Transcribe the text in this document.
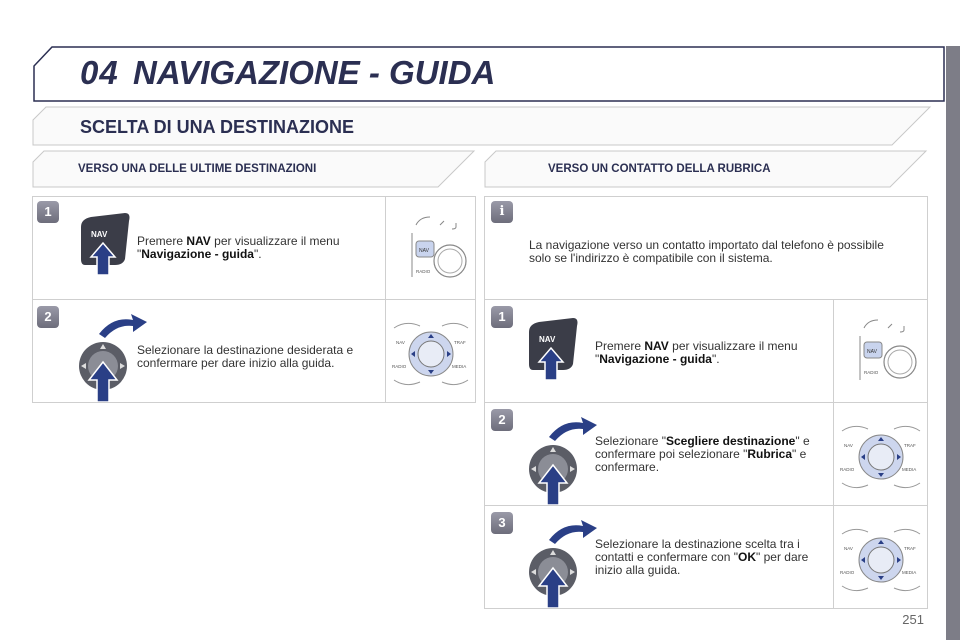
04 NAVIGAZIONE - GUIDA
SCELTA DI UNA DESTINAZIONE
VERSO UNA DELLE ULTIME DESTINAZIONI	VERSO UN CONTATTO DELLA RUBRICA
1
NAV Premere NAV per visualizzare il menu
"Navigazione - guida".	NAV
RADIO
2
Selezionare la destinazione desiderata e
confermare per dare inizio alla guida.
NAV	TRAF
RADIO	MEDIA
i
La navigazione verso un contatto importato dal telefono è possibile
solo se l'indirizzo è compatibile con il sistema.
1
NAV	Premere NAV per visualizzare il menu
"Navigazione - guida".	NAV
RADIO
2
Selezionare "Scegliere destinazione" e
confermare poi selezionare "Rubrica" e
confermare.
NAV	TRAF
RADIO	MEDIA
3
Selezionare la destinazione scelta tra i
contatti e confermare con "OK" per dare
inizio alla guida.
NAV	TRAF
RADIO	MEDIA
251
